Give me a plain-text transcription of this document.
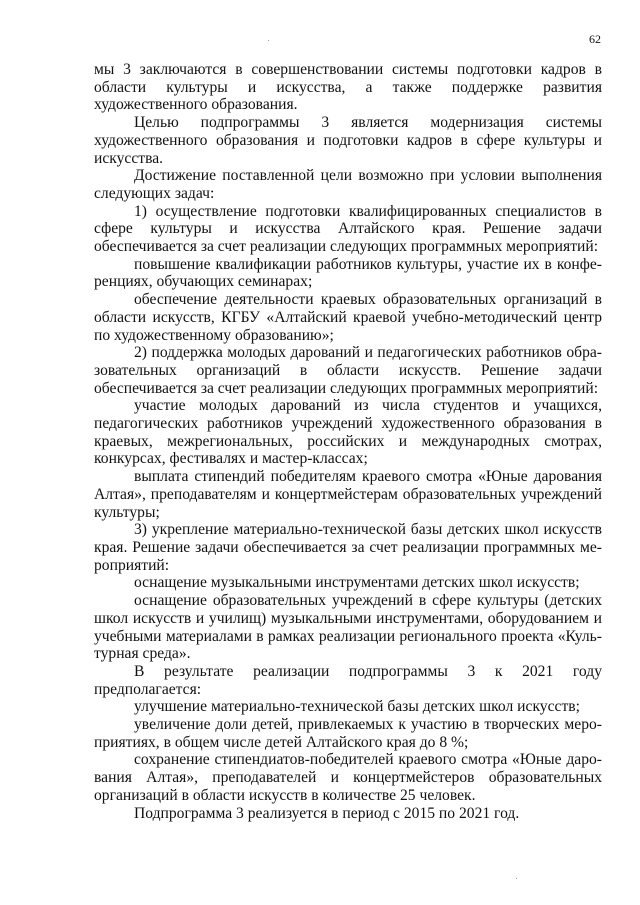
62

мы 3 заключаются в совершенствовании системы подготовки кадров в области культуры и искусства, а также поддержке развития художественного образования.

Целью подпрограммы 3 является модернизация системы художественного образования и подготовки кадров в сфере культуры и искусства.

Достижение поставленной цели возможно при условии выполнения следующих задач:

1) осуществление подготовки квалифицированных специалистов в сфере культуры и искусства Алтайского края. Решение задачи обеспечивается за счет реализации следующих программных мероприятий:

повышение квалификации работников культуры, участие их в конференциях, обучающих семинарах;

обеспечение деятельности краевых образовательных организаций в области искусств, КГБУ «Алтайский краевой учебно-методический центр по художественному образованию»;

2) поддержка молодых дарований и педагогических работников образовательных организаций в области искусств. Решение задачи обеспечивается за счет реализации следующих программных мероприятий:

участие молодых дарований из числа студентов и учащихся, педагогических работников учреждений художественного образования в краевых, межрегиональных, российских и международных смотрах, конкурсах, фестивалях и мастер-классах;

выплата стипендий победителям краевого смотра «Юные дарования Алтая», преподавателям и концертмейстерам образовательных учреждений культуры;

3) укрепление материально-технической базы детских школ искусств края. Решение задачи обеспечивается за счет реализации программных мероприятий:

оснащение музыкальными инструментами детских школ искусств;

оснащение образовательных учреждений в сфере культуры (детских школ искусств и училищ) музыкальными инструментами, оборудованием и учебными материалами в рамках реализации регионального проекта «Культурная среда».

В результате реализации подпрограммы 3 к 2021 году предполагается:

улучшение материально-технической базы детских школ искусств;

увеличение доли детей, привлекаемых к участию в творческих мероприятиях, в общем числе детей Алтайского края до 8 %;

сохранение стипендиатов-победителей краевого смотра «Юные дарования Алтая», преподавателей и концертмейстеров образовательных организаций в области искусств в количестве 25 человек.

Подпрограмма 3 реализуется в период с 2015 по 2021 год.
